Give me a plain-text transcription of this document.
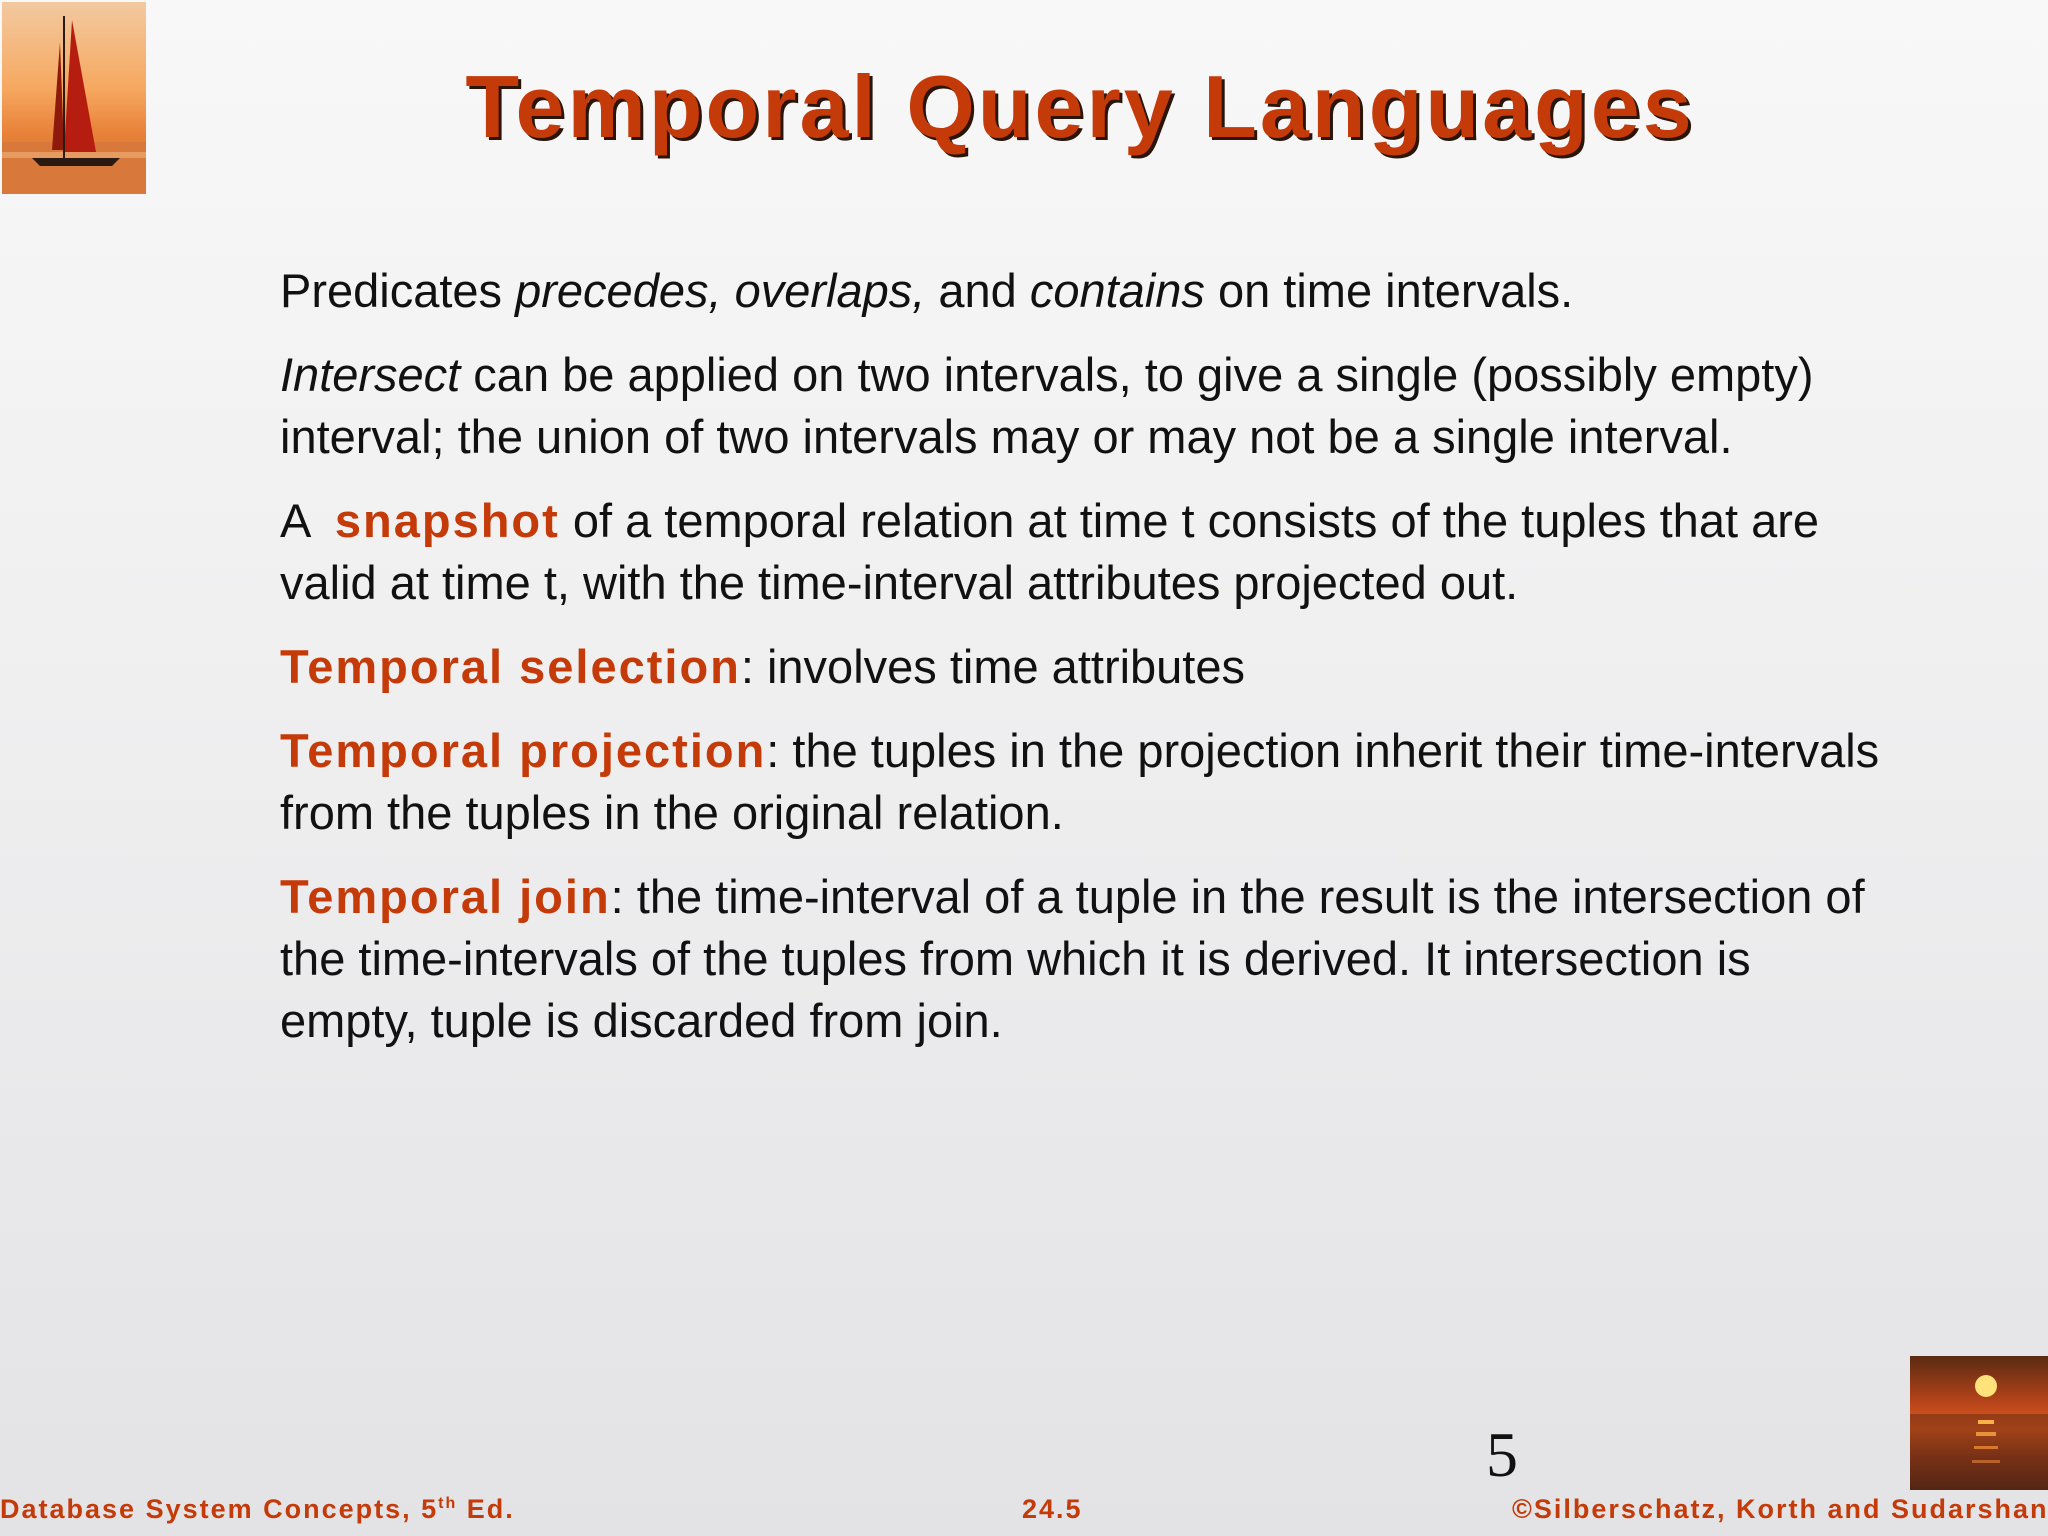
Temporal Query Languages

Predicates precedes, overlaps, and contains on time intervals.

Intersect can be applied on two intervals, to give a single (possibly empty) interval; the union of two intervals may or may not be a single interval.

A  snapshot of a temporal relation at time t consists of the tuples that are valid at time t, with the time-interval attributes projected out.

Temporal selection: involves time attributes

Temporal projection: the tuples in the projection inherit their time-intervals from the tuples in the original relation.

Temporal join: the time-interval of a tuple in the result is the intersection of the time-intervals of the tuples from which it is derived. It intersection is empty, tuple is discarded from join.

5
Database System Concepts, 5th Ed.	24.5	©Silberschatz, Korth and Sudarshan
